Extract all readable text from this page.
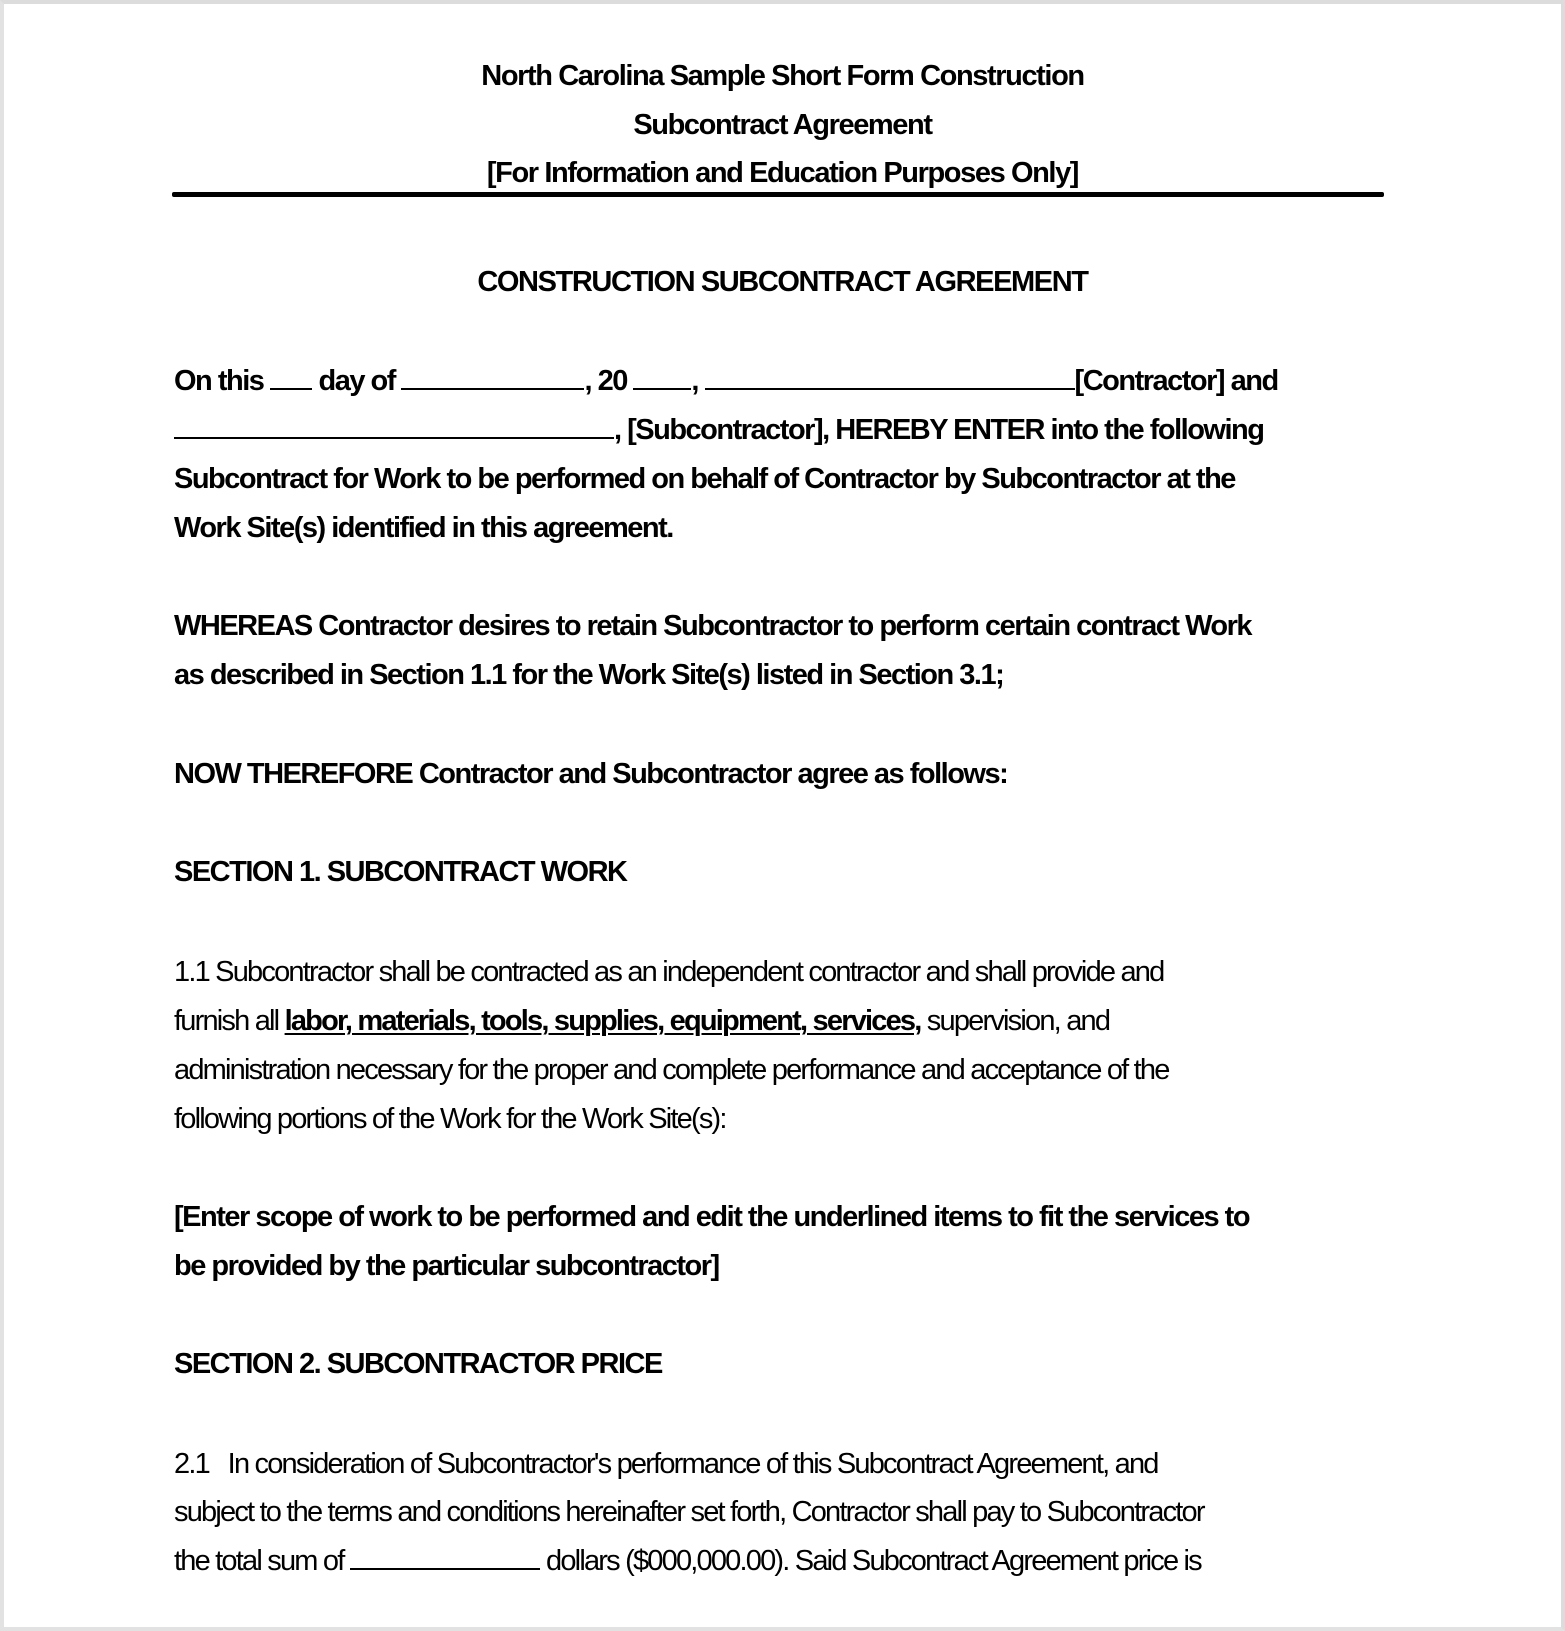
North Carolina Sample Short Form Construction
Subcontract Agreement
[For Information and Education Purposes Only]
CONSTRUCTION SUBCONTRACT AGREEMENT
On this day of	, 20 ,	[Contractor] and
, [Subcontractor], HEREBY ENTER into the following
Subcontract for Work to be performed on behalf of Contractor by Subcontractor at the
Work Site(s) identified in this agreement.
WHEREAS Contractor desires to retain Subcontractor to perform certain contract Work
as described in Section 1.1 for the Work Site(s) listed in Section 3.1;
NOW THEREFORE Contractor and Subcontractor agree as follows:
SECTION 1. SUBCONTRACT WORK
1.1 Subcontractor shall be contracted as an independent contractor and shall provide and
furnish all labor, materials, tools, supplies, equipment, services, supervision, and
administration necessary for the proper and complete performance and acceptance of the
following portions of the Work for the Work Site(s):
[Enter scope of work to be performed and edit the underlined items to fit the services to
be provided by the particular subcontractor]
SECTION 2. SUBCONTRACTOR PRICE
2.1   In consideration of Subcontractor's performance of this Subcontract Agreement, and
subject to the terms and conditions hereinafter set forth, Contractor shall pay to Subcontractor
the total sum of	dollars ($000,000.00). Said Subcontract Agreement price is
